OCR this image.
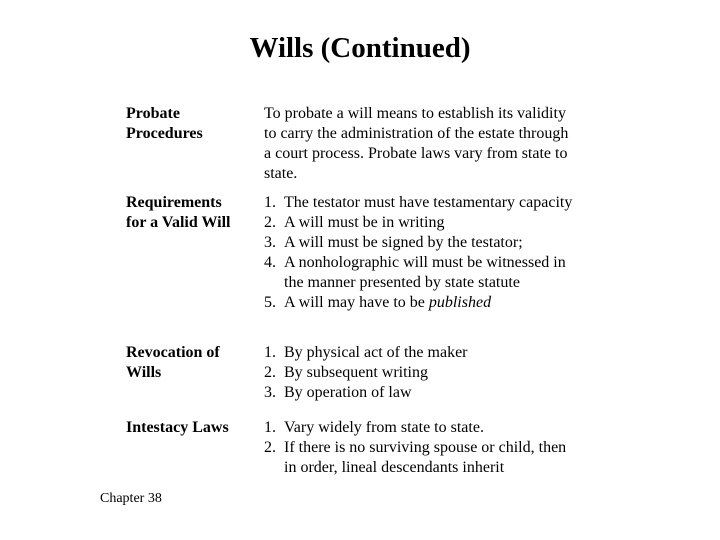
Wills (Continued)
Probate
Procedures
To probate a will means to establish its validity
to carry the administration of the estate through
a court process. Probate laws vary from state to
state.
Requirements
for a Valid Will
1. The testator must have testamentary capacity
2. A will must be in writing
3. A will must be signed by the testator;
4. A nonholographic will must be witnessed in
the manner presented by state statute
5. A will may have to be published
Revocation of
Wills
1. By physical act of the maker
2. By subsequent writing
3. By operation of law
Intestacy Laws	1. Vary widely from state to state.
2. If there is no surviving spouse or child, then
in order, lineal descendants inherit
Chapter 38
